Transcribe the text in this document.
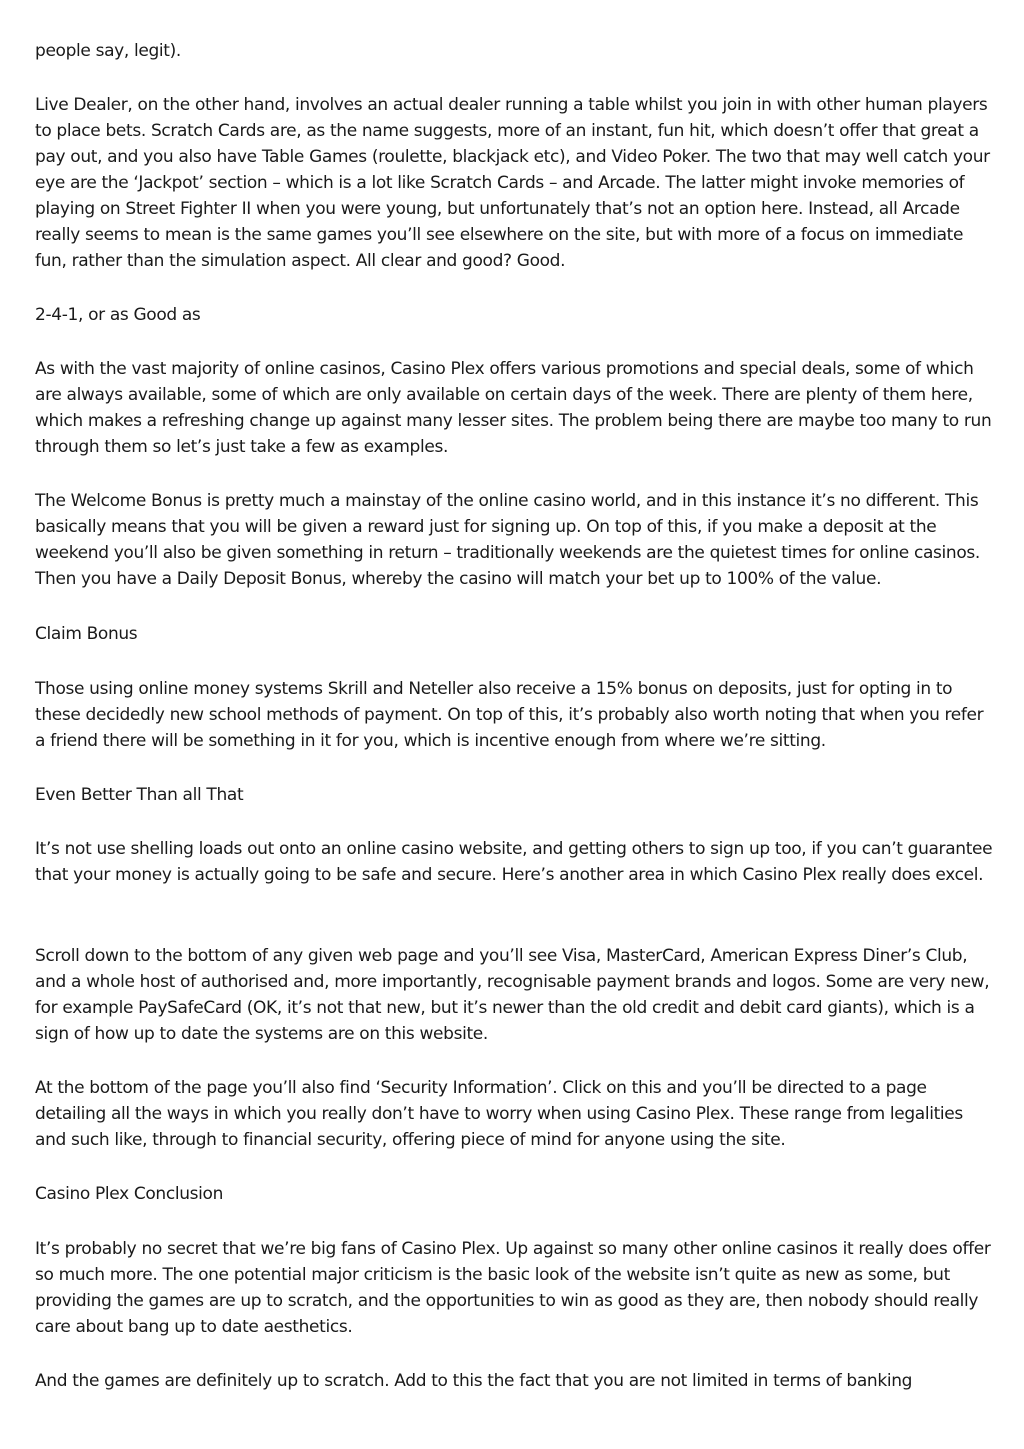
people say, legit).

Live Dealer, on the other hand, involves an actual dealer running a table whilst you join in with other human players to place bets. Scratch Cards are, as the name suggests, more of an instant, fun hit, which doesn’t offer that great a pay out, and you also have Table Games (roulette, blackjack etc), and Video Poker. The two that may well catch your eye are the ‘Jackpot’ section – which is a lot like Scratch Cards – and Arcade. The latter might invoke memories of playing on Street Fighter II when you were young, but unfortunately that’s not an option here. Instead, all Arcade really seems to mean is the same games you’ll see elsewhere on the site, but with more of a focus on immediate fun, rather than the simulation aspect. All clear and good? Good.

2-4-1, or as Good as

As with the vast majority of online casinos, Casino Plex offers various promotions and special deals, some of which are always available, some of which are only available on certain days of the week. There are plenty of them here, which makes a refreshing change up against many lesser sites. The problem being there are maybe too many to run through them so let’s just take a few as examples.

The Welcome Bonus is pretty much a mainstay of the online casino world, and in this instance it’s no different. This basically means that you will be given a reward just for signing up. On top of this, if you make a deposit at the weekend you’ll also be given something in return – traditionally weekends are the quietest times for online casinos. Then you have a Daily Deposit Bonus, whereby the casino will match your bet up to 100% of the value.

Claim Bonus

Those using online money systems Skrill and Neteller also receive a 15% bonus on deposits, just for opting in to these decidedly new school methods of payment. On top of this, it’s probably also worth noting that when you refer a friend there will be something in it for you, which is incentive enough from where we’re sitting.

Even Better Than all That

It’s not use shelling loads out onto an online casino website, and getting others to sign up too, if you can’t guarantee that your money is actually going to be safe and secure. Here’s another area in which Casino Plex really does excel.

Scroll down to the bottom of any given web page and you’ll see Visa, MasterCard, American Express Diner’s Club, and a whole host of authorised and, more importantly, recognisable payment brands and logos. Some are very new, for example PaySafeCard (OK, it’s not that new, but it’s newer than the old credit and debit card giants), which is a sign of how up to date the systems are on this website.

At the bottom of the page you’ll also find ‘Security Information’. Click on this and you’ll be directed to a page detailing all the ways in which you really don’t have to worry when using Casino Plex. These range from legalities and such like, through to financial security, offering piece of mind for anyone using the site.

Casino Plex Conclusion

It’s probably no secret that we’re big fans of Casino Plex. Up against so many other online casinos it really does offer so much more. The one potential major criticism is the basic look of the website isn’t quite as new as some, but providing the games are up to scratch, and the opportunities to win as good as they are, then nobody should really care about bang up to date aesthetics.

And the games are definitely up to scratch. Add to this the fact that you are not limited in terms of banking
